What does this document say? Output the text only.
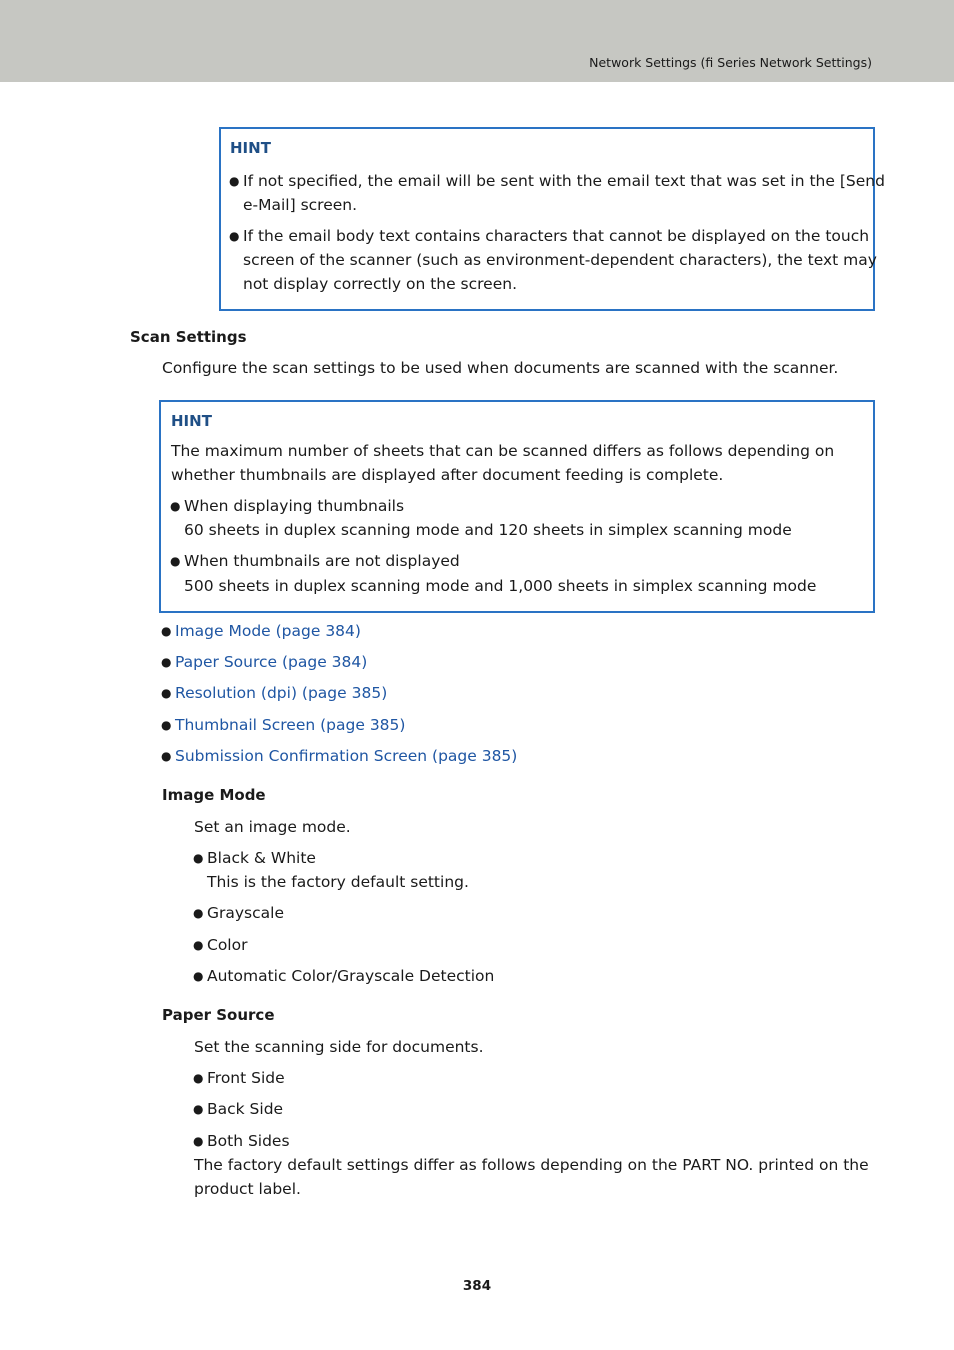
Network Settings (fi Series Network Settings)
HINT
● If not specified, the email will be sent with the email text that was set in the [Send
e-Mail] screen.
● If the email body text contains characters that cannot be displayed on the touch
screen of the scanner (such as environment-dependent characters), the text may
not display correctly on the screen.
Scan Settings
Configure the scan settings to be used when documents are scanned with the scanner.
HINT
The maximum number of sheets that can be scanned differs as follows depending on
whether thumbnails are displayed after document feeding is complete.
● When displaying thumbnails
60 sheets in duplex scanning mode and 120 sheets in simplex scanning mode
● When thumbnails are not displayed
500 sheets in duplex scanning mode and 1,000 sheets in simplex scanning mode
● Image Mode (page 384)
● Paper Source (page 384)
● Resolution (dpi) (page 385)
● Thumbnail Screen (page 385)
● Submission Confirmation Screen (page 385)
Image Mode
Set an image mode.
● Black & White
This is the factory default setting.
● Grayscale
● Color
● Automatic Color/Grayscale Detection
Paper Source
Set the scanning side for documents.
● Front Side
● Back Side
● Both Sides
The factory default settings differ as follows depending on the PART NO. printed on the
product label.
384
